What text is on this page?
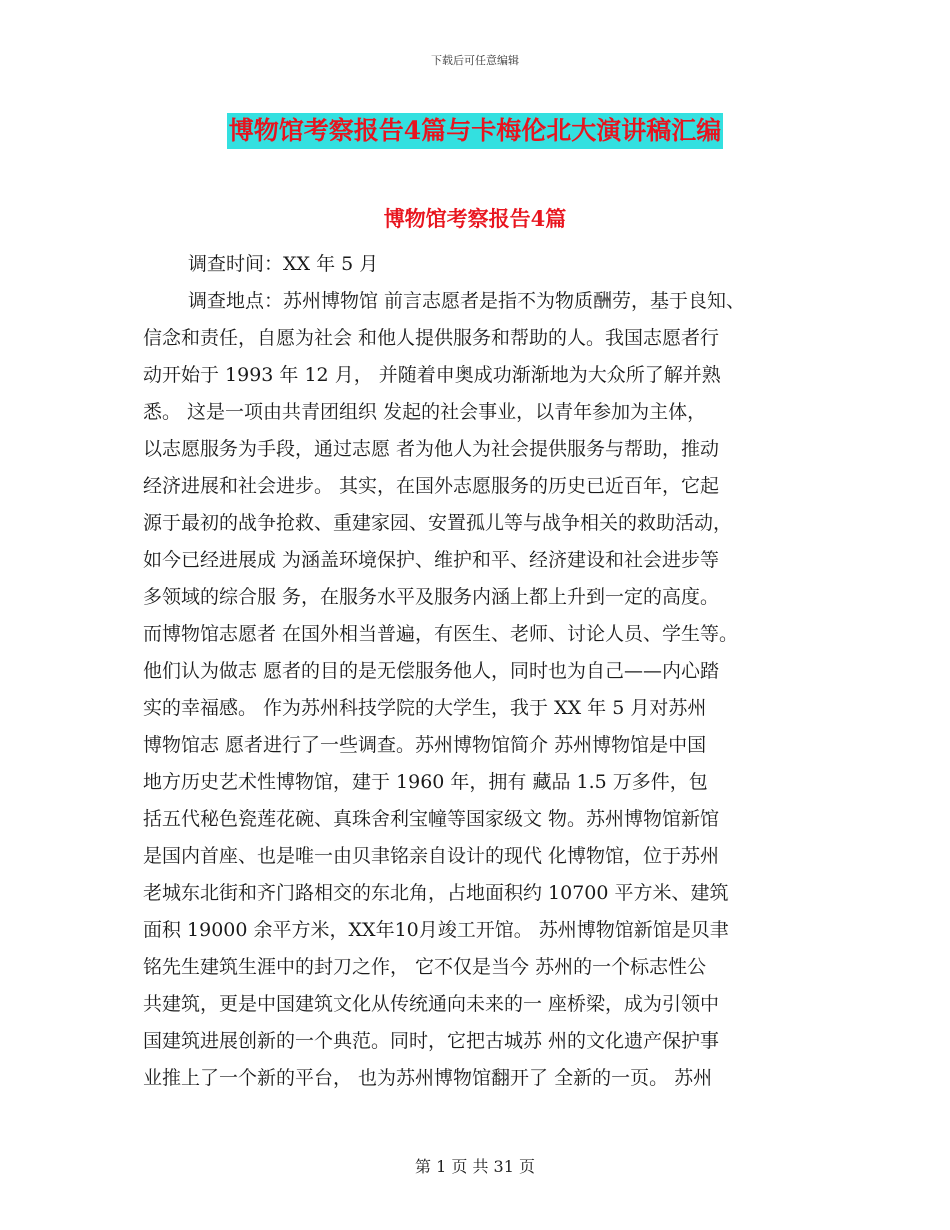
下载后可任意编辑
博物馆考察报告4篇与卡梅伦北大演讲稿汇编
博物馆考察报告4篇
调查时间：XX 年 5 月
调查地点：苏州博物馆 前言志愿者是指不为物质酬劳，基于良知、
信念和责任，自愿为社会 和他人提供服务和帮助的人。我国志愿者行
动开始于 1993 年 12 月， 并随着申奥成功渐渐地为大众所了解并熟
悉。 这是一项由共青团组织 发起的社会事业，以青年参加为主体，
以志愿服务为手段，通过志愿 者为他人为社会提供服务与帮助，推动
经济进展和社会进步。 其实，在国外志愿服务的历史已近百年，它起
源于最初的战争抢救、重建家园、安置孤儿等与战争相关的救助活动，
如今已经进展成 为涵盖环境保护、维护和平、经济建设和社会进步等
多领域的综合服 务，在服务水平及服务内涵上都上升到一定的高度。
而博物馆志愿者 在国外相当普遍，有医生、老师、讨论人员、学生等。
他们认为做志 愿者的目的是无偿服务他人，同时也为自己——内心踏
实的幸福感。 作为苏州科技学院的大学生，我于 XX 年 5 月对苏州
博物馆志 愿者进行了一些调查。苏州博物馆简介 苏州博物馆是中国
地方历史艺术性博物馆，建于 1960 年，拥有 藏品 1.5 万多件，包
括五代秘色瓷莲花碗、真珠舍利宝幢等国家级文 物。苏州博物馆新馆
是国内首座、也是唯一由贝聿铭亲自设计的现代 化博物馆，位于苏州
老城东北街和齐门路相交的东北角，占地面积约 10700 平方米、建筑
面积 19000 余平方米，XX年10月竣工开馆。 苏州博物馆新馆是贝聿
铭先生建筑生涯中的封刀之作， 它不仅是当今 苏州的一个标志性公
共建筑，更是中国建筑文化从传统通向未来的一 座桥梁，成为引领中
国建筑进展创新的一个典范。同时，它把古城苏 州的文化遗产保护事
业推上了一个新的平台， 也为苏州博物馆翻开了 全新的一页。 苏州
第 1 页 共 31 页
